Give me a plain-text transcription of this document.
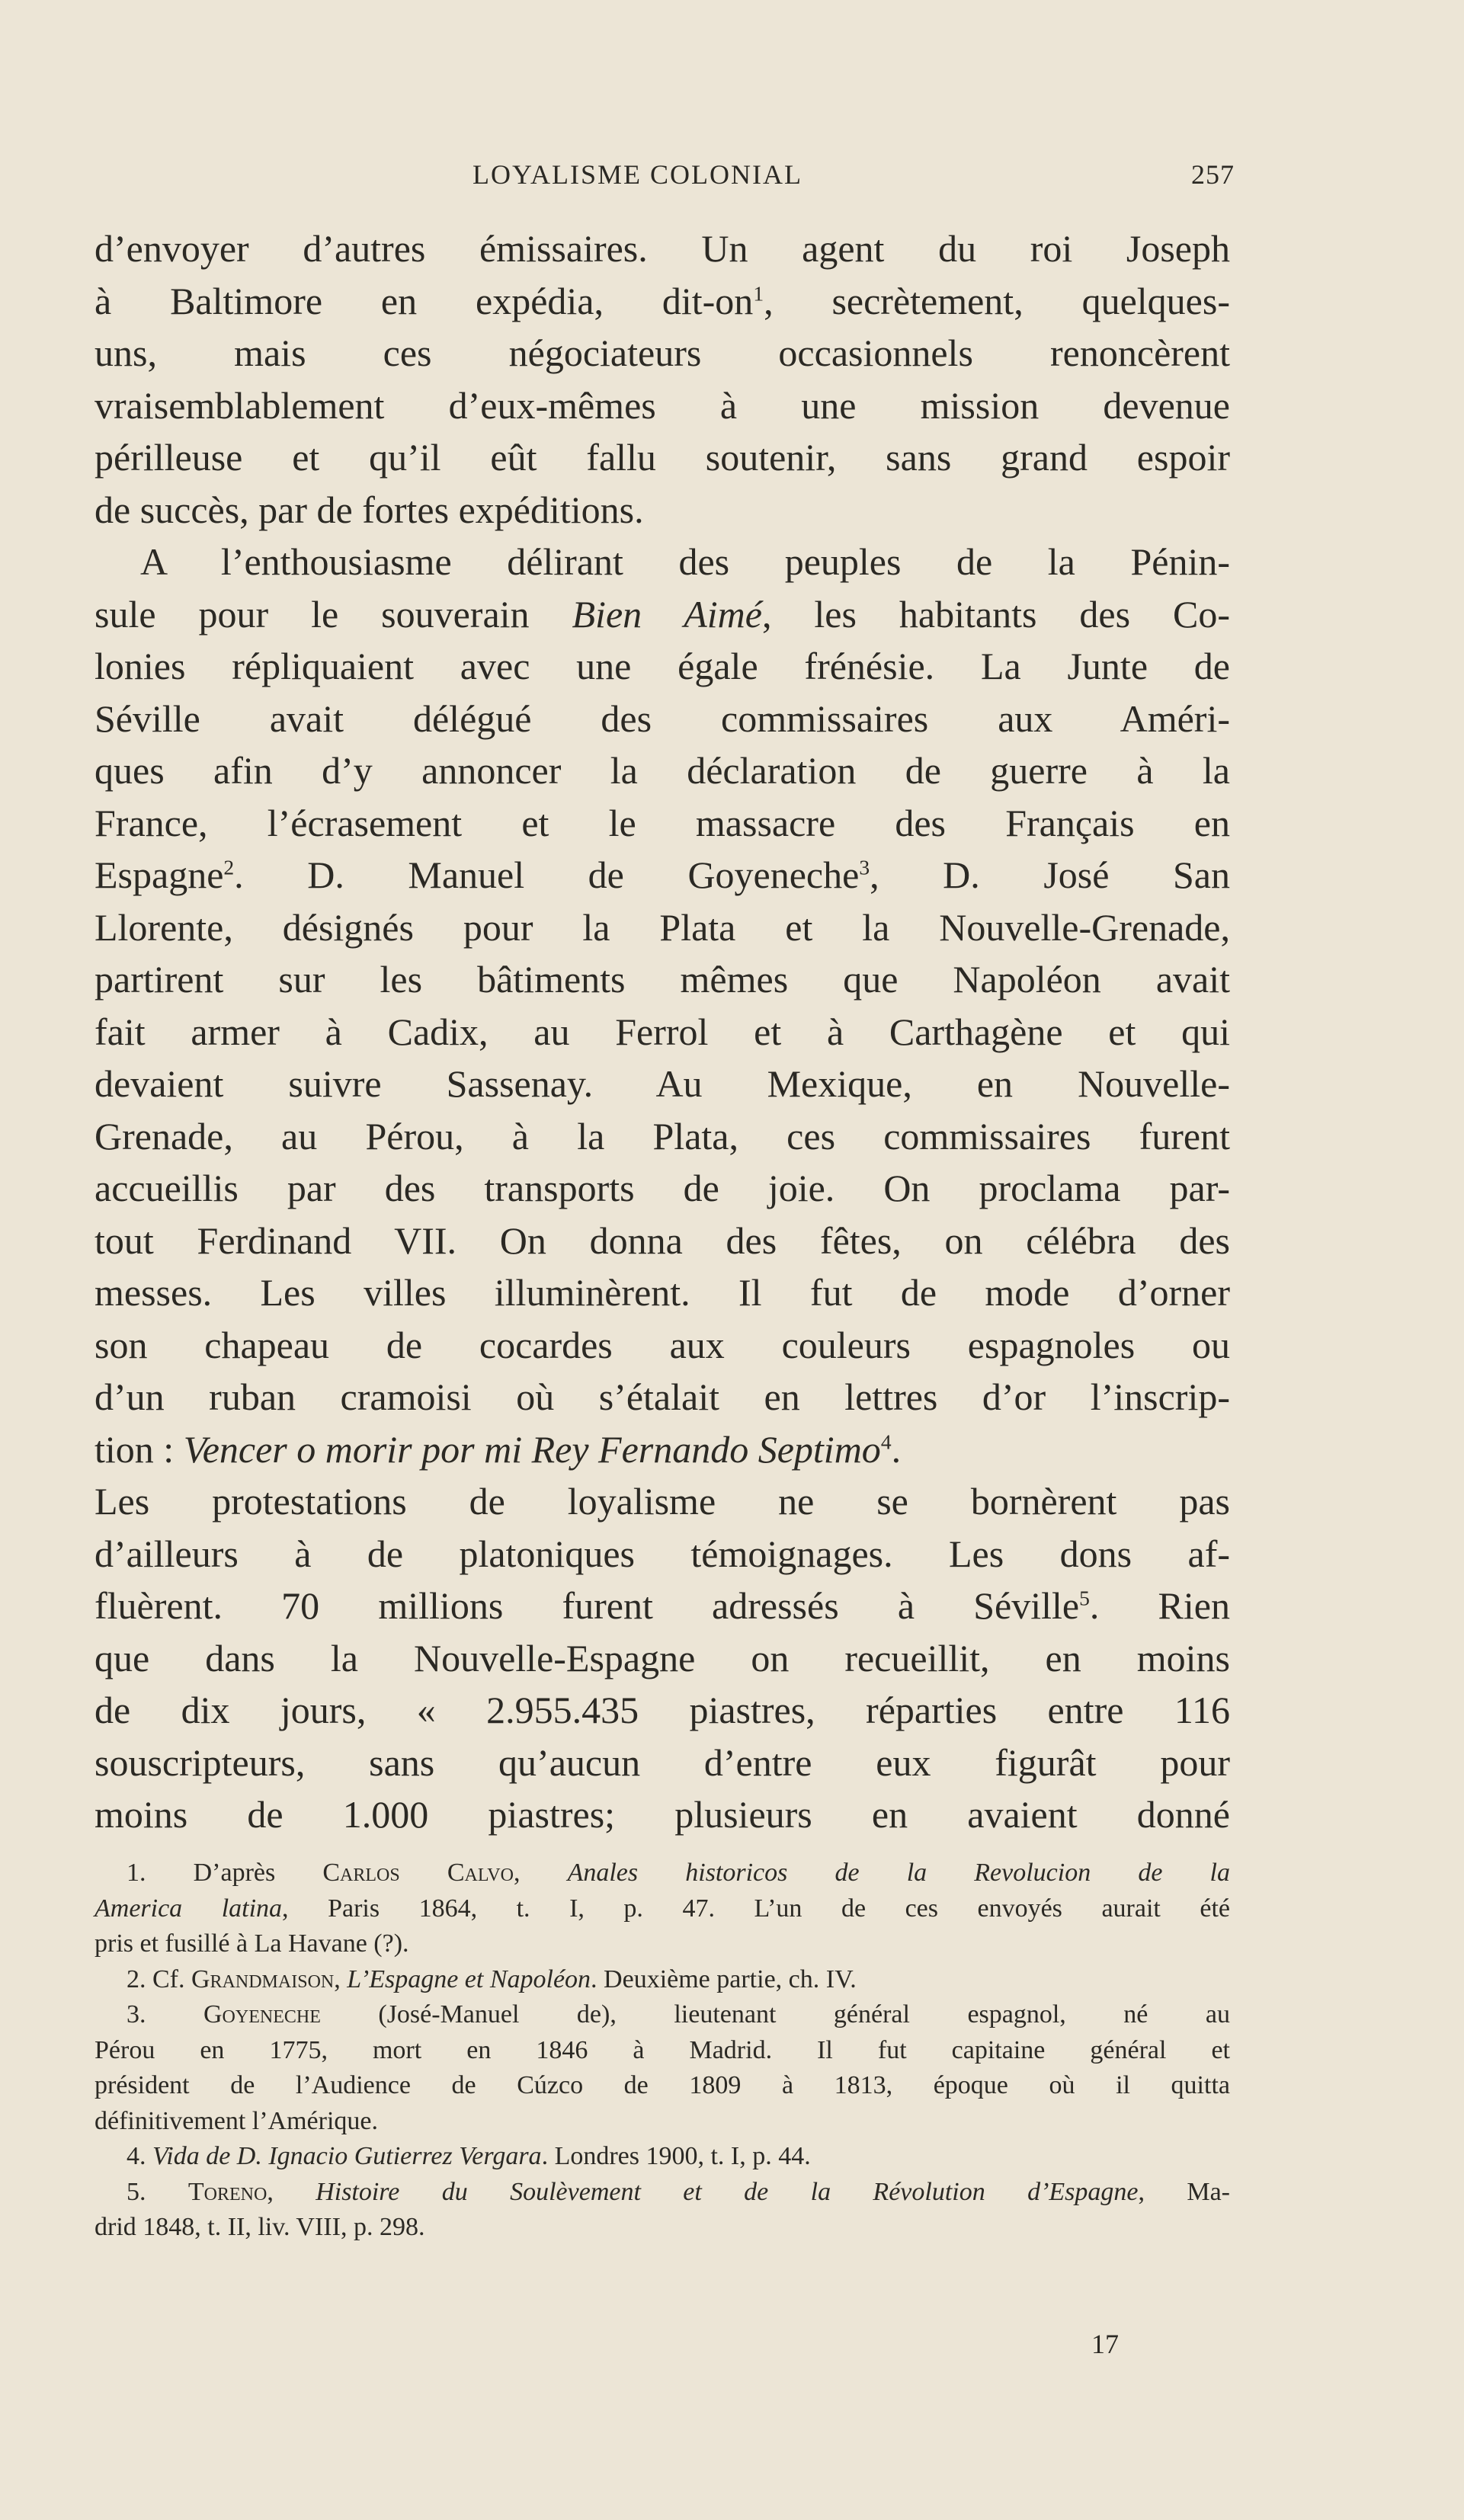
LOYALISME COLONIAL	257
d’envoyer d’autres émissaires. Un agent du roi Joseph
à Baltimore en expédia, dit-$on^1$, secrètement, quelques-
uns, mais ces négociateurs occasionnels renoncèrent
vraisemblablement d’eux-mêmes à une mission devenue
périlleuse et qu’il eût fallu soutenir, sans grand espoir
de succès, par de fortes expéditions.
A l’enthousiasme délirant des peuples de la Pénin-
sule pour le souverain Bien Aimé, les habitants des Co-
lonies répliquaient avec une égale frénésie. La Junte de
Séville avait délégué des commissaires aux Améri-
ques afin d’y annoncer la déclaration de guerre à la
France, l’écrasement et le massacre des Français en
Espagne$^2$. D. Manuel de Goyeneche$^3$, D. José San
Llorente, désignés pour la Plata et la Nouvelle-Grenade,
partirent sur les bâtiments mêmes que Napoléon avait
fait armer à Cadix, au Ferrol et à Carthagène et qui
devaient suivre Sassenay. Au Mexique, en Nouvelle-
Grenade, au Pérou, à la Plata, ces commissaires furent
accueillis par des transports de joie. On proclama par-
tout Ferdinand VII. On donna des fêtes, on célébra des
messes. Les villes illuminèrent. Il fut de mode d’orner
son chapeau de cocardes aux couleurs espagnoles ou
d’un ruban cramoisi où s’étalait en lettres d’or l’inscrip-
tion : Vencer o morir por mi Rey Fernando Septimo$^4$.
Les protestations de loyalisme ne se bornèrent pas
d’ailleurs à de platoniques témoignages. Les dons af-
fluèrent. 70 millions furent adressés à Séville$^5$. Rien
que dans la Nouvelle-Espagne on recueillit, en moins
de dix jours, « 2.955.435 piastres, réparties entre 116
souscripteurs, sans qu’aucun d’entre eux figurât pour
moins de 1.000 piastres; plusieurs en avaient donné
1. D’après Carlos Calvo, Anales historicos de la Revolucion de la
America latina, Paris 1864, t. I, p. 47. L’un de ces envoyés aurait été
pris et fusillé à La Havane (?).
2. Cf. Grandmaison, L’Espagne et Napoléon. Deuxième partie, ch. IV.
3. Goyeneche (José-Manuel de), lieutenant général espagnol, né au
Pérou en 1775, mort en 1846 à Madrid. Il fut capitaine général et
président de l’Audience de Cúzco de 1809 à 1813, époque où il quitta
définitivement l’Amérique.
4. Vida de D. Ignacio Gutierrez Vergara. Londres 1900, t. I, p. 44.
5. Toreno, Histoire du Soulèvement et de la Révolution d’Espagne, Ma-
drid 1848, t. II, liv. VIII, p. 298.
17
